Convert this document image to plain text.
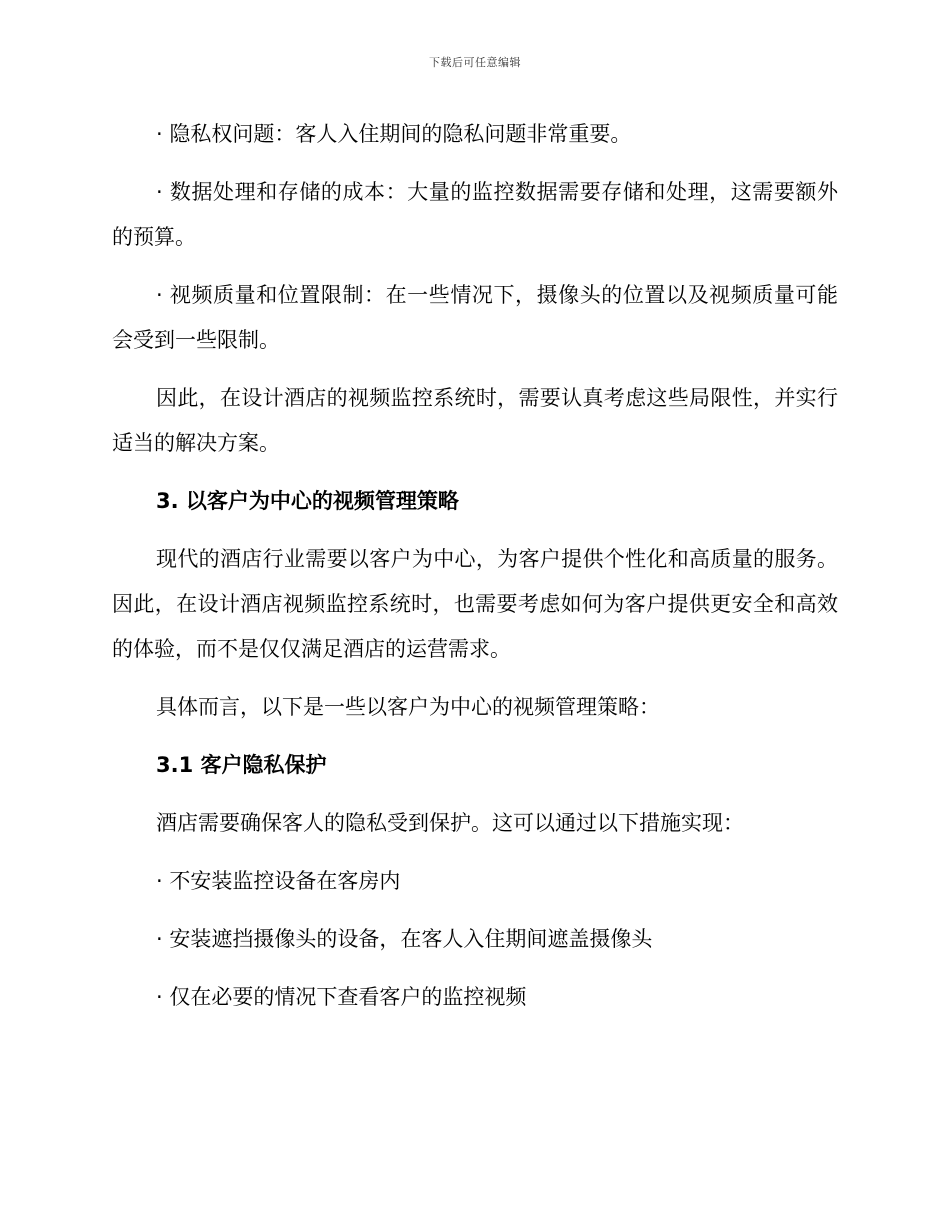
下载后可任意编辑

· 隐私权问题：客人入住期间的隐私问题非常重要。

· 数据处理和存储的成本：大量的监控数据需要存储和处理，这需要额外的预算。

· 视频质量和位置限制：在一些情况下，摄像头的位置以及视频质量可能会受到一些限制。

因此，在设计酒店的视频监控系统时，需要认真考虑这些局限性，并实行适当的解决方案。

3. 以客户为中心的视频管理策略

现代的酒店行业需要以客户为中心，为客户提供个性化和高质量的服务。 因此，在设计酒店视频监控系统时，也需要考虑如何为客户提供更安全和高效的体验，而不是仅仅满足酒店的运营需求。

具体而言，以下是一些以客户为中心的视频管理策略：

3.1 客户隐私保护

酒店需要确保客人的隐私受到保护。这可以通过以下措施实现：

· 不安装监控设备在客房内

· 安装遮挡摄像头的设备，在客人入住期间遮盖摄像头

· 仅在必要的情况下查看客户的监控视频
